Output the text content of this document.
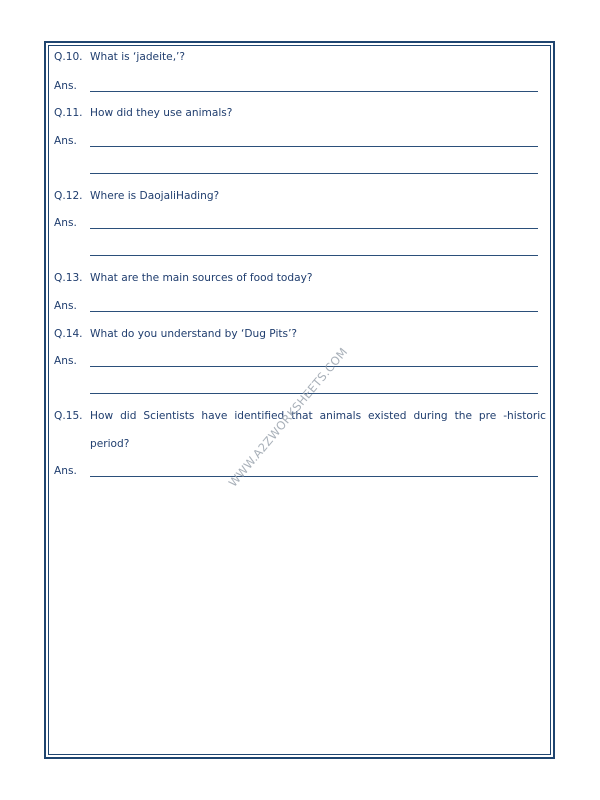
Q.10. What is ‘jadeite,’?
Ans.
Q.11. How did they use animals?
Ans.
Q.12. Where is DaojaliHading?
Ans.
Q.13. What are the main sources of food today?
Ans.
Q.14. What do you understand by ‘Dug Pits’?
Ans.
Q.15. How did Scientists have identified that animals existed during the pre -historic
period?
Ans.	WWW.A2ZWORKSHEETS.COM
